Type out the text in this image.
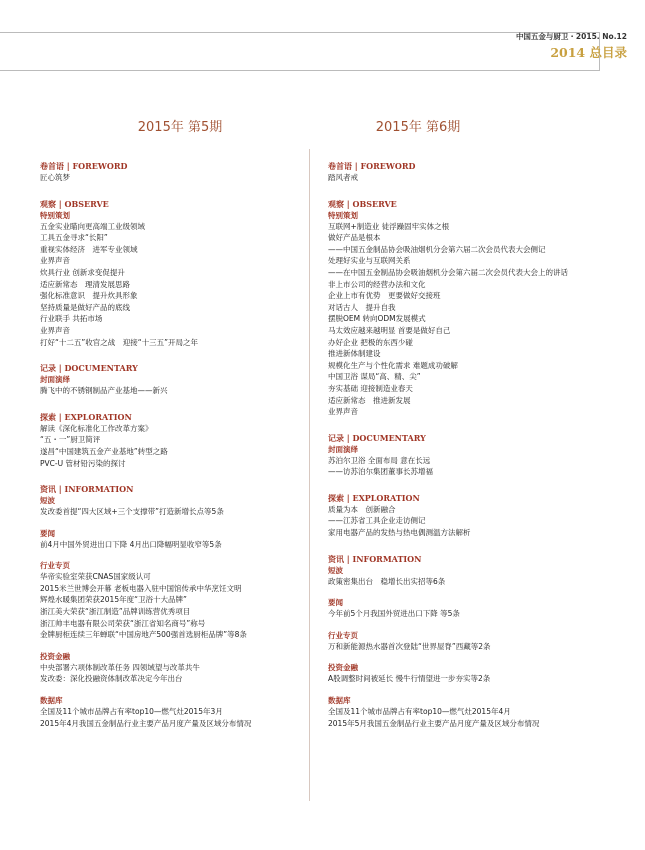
中国五金与厨卫・2015. No.12
2014 总目录
2015年 第5期
卷首语 | FOREWORD
匠心筑梦
观察 | OBSERVE
特别策划
五金实业瞄向更高端工业级领域
工具五金寻求“长阳”
重视实体经济　进军专业领域
业界声音
炊具行业 创新求变促提升
适应新常态　理清发展思路
强化标准意识　提升炊具形象
坚持质量是做好产品的底线
行业联手 共拓市场
业界声音
打好“十二五”收官之战　迎接“十三五”开局之年
记录 | DOCUMENTARY
封面演绎
腾飞中的不锈钢制品产业基地——新兴
探索 | EXPLORATION
解读《深化标准化工作改革方案》
“五・一”厨卫简评
遂昌“中国建筑五金产业基地”转型之路
PVC-U 管材铅污染的探讨
资讯 | INFORMATION
短波
发改委首提“四大区域+三个支撑带”打造新增长点等5条
要闻
前4月中国外贸进出口下降 4月出口降幅明显收窄等5条
行业专页
华帝实验室荣获CNAS国家级认可
2015米兰世博会开幕 老板电器入驻中国馆传承中华烹饪文明
辉煌水暖集团荣获2015年度“卫浴十大品牌”
浙江美大荣获“浙江制造”品牌训练营优秀项目
浙江帅丰电器有限公司荣获“浙江省知名商号”称号
金牌厨柜连续三年蝉联“中国房地产500强首选厨柜品牌”等8条
投资金融
中央部署六项体制改革任务 四领域望与改革共牛
发改委：深化投融资体制改革决定今年出台
数据库
全国及11个城市品牌占有率top10—燃气灶2015年3月
2015年4月我国五金制品行业主要产品月度产量及区域分布情况
2015年 第6期
卷首语 | FOREWORD
踏风者戒
观察 | OBSERVE
特别策划
互联网+制造业 徒浮躁固牢实体之根
做好产品是根本
——中国五金制品协会吸油烟机分会第六届二次会员代表大会侧记
处理好实业与互联网关系
——在中国五金制品协会吸油烟机分会第六届二次会员代表大会上的讲话
非上市公司的经营办法和文化
企业上市有优势　更要做好交接班
对话古人　提升自我
摆脱OEM 转向ODM发展模式
马太效应越来越明显 首要是做好自己
办好企业 把极的东西少碰
推进新体制建设
规模化生产与个性化需求 难题成功破解
中国卫浴 谋局“高、精、尖”
夯实基础 迎接制造业春天
适应新常态　推进新发展
业界声音
记录 | DOCUMENTARY
封面演绎
苏泊尔卫浴 全面布局 意在长远
——访苏泊尔集团董事长苏增福
探索 | EXPLORATION
质量为本　创新融合
——江苏省工具企业走访侧记
家用电器产品的发热与热电偶测温方法解析
资讯 | INFORMATION
短波
政策密集出台　稳增长出实招等6条
要闻
今年前5个月我国外贸进出口下降 等5条
行业专页
万和新能源热水器首次登陆“世界屋脊”西藏等2条
投资金融
A股调整时间被延长 慢牛行情望进一步夯实等2条
数据库
全国及11个城市品牌占有率top10—燃气灶2015年4月
2015年5月我国五金制品行业主要产品月度产量及区域分布情况
